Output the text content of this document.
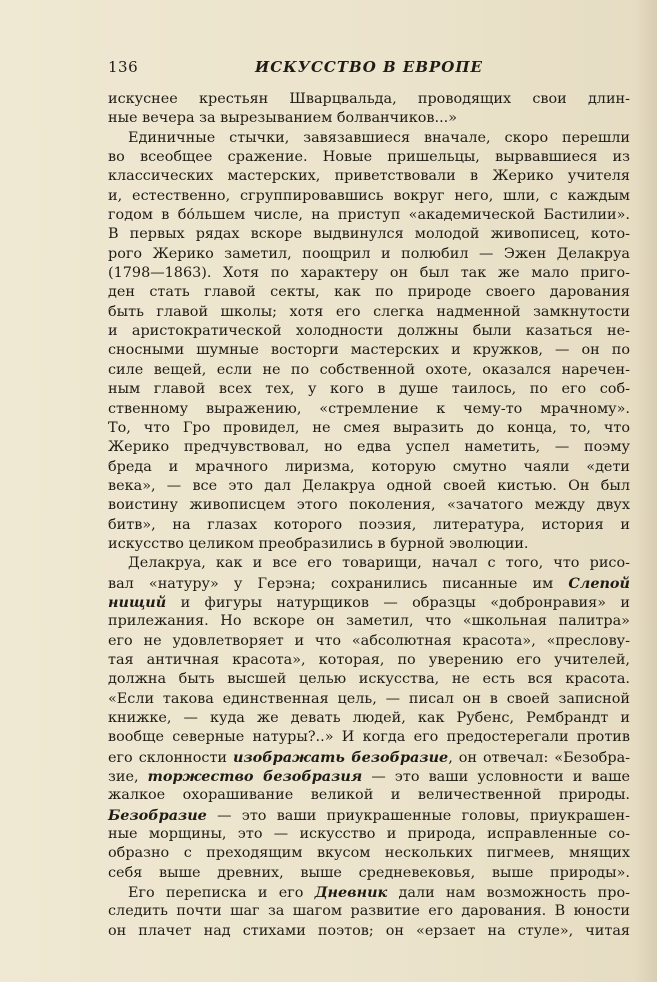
136	ИСКУССТВО В ЕВРОПЕ
искуснее крестьян Шварцвальда, проводящих свои длин-
ные вечера за вырезыванием болванчиков...»
Единичные стычки, завязавшиеся вначале, скоро перешли
во всеобщее сражение. Новые пришельцы, вырвавшиеся из
классических мастерских, приветствовали в Жерико учителя
и, естественно, сгруппировавшись вокруг него, шли, с каждым
годом в бо́льшем числе, на приступ «академической Бастилии».
В первых рядах вскоре выдвинулся молодой живописец, кото-
рого Жерико заметил, поощрил и полюбил — Эжен Делакруа
(1798—1863). Хотя по характеру он был так же мало приго-
ден стать главой секты, как по природе своего дарования
быть главой школы; хотя его слегка надменной замкнутости
и аристократической холодности должны были казаться не-
сносными шумные восторги мастерских и кружков, — он по
силе вещей, если не по собственной охоте, оказался наречен-
ным главой всех тех, у кого в душе таилось, по его соб-
ственному выражению, «стремление к чему-то мрачному».
То, что Гро провидел, не смея выразить до конца, то, что
Жерико предчувствовал, но едва успел наметить, — поэму
бреда и мрачного лиризма, которую смутно чаяли «дети
века», — все это дал Делакруа одной своей кистью. Он был
воистину живописцем этого поколения, «зачатого между двух
битв», на глазах которого поэзия, литература, история и
искусство целиком преобразились в бурной эволюции.
Делакруа, как и все его товарищи, начал с того, что рисо-
вал «натуру» у Герэна; сохранились писанные им Слепой
нищий и фигуры натурщиков — образцы «добронравия» и
прилежания. Но вскоре он заметил, что «школьная палитра»
его не удовлетворяет и что «абсолютная красота», «преслову-
тая античная красота», которая, по уверению его учителей,
должна быть высшей целью искусства, не есть вся красота.
«Если такова единственная цель, — писал он в своей записной
книжке, — куда же девать людей, как Рубенс, Рембрандт и
вообще северные натуры?..» И когда его предостерегали против
его склонности изображать безобразие, он отвечал: «Безобра-
зие, торжество безобразия — это ваши условности и ваше
жалкое охорашивание великой и величественной природы.
Безобразие — это ваши приукрашенные головы, приукрашен-
ные морщины, это — искусство и природа, исправленные со-
образно с преходящим вкусом нескольких пигмеев, мнящих
себя выше древних, выше средневековья, выше природы».
Его переписка и его Дневник дали нам возможность про-
следить почти шаг за шагом развитие его дарования. В юности
он плачет над стихами поэтов; он «ерзает на стуле», читая
